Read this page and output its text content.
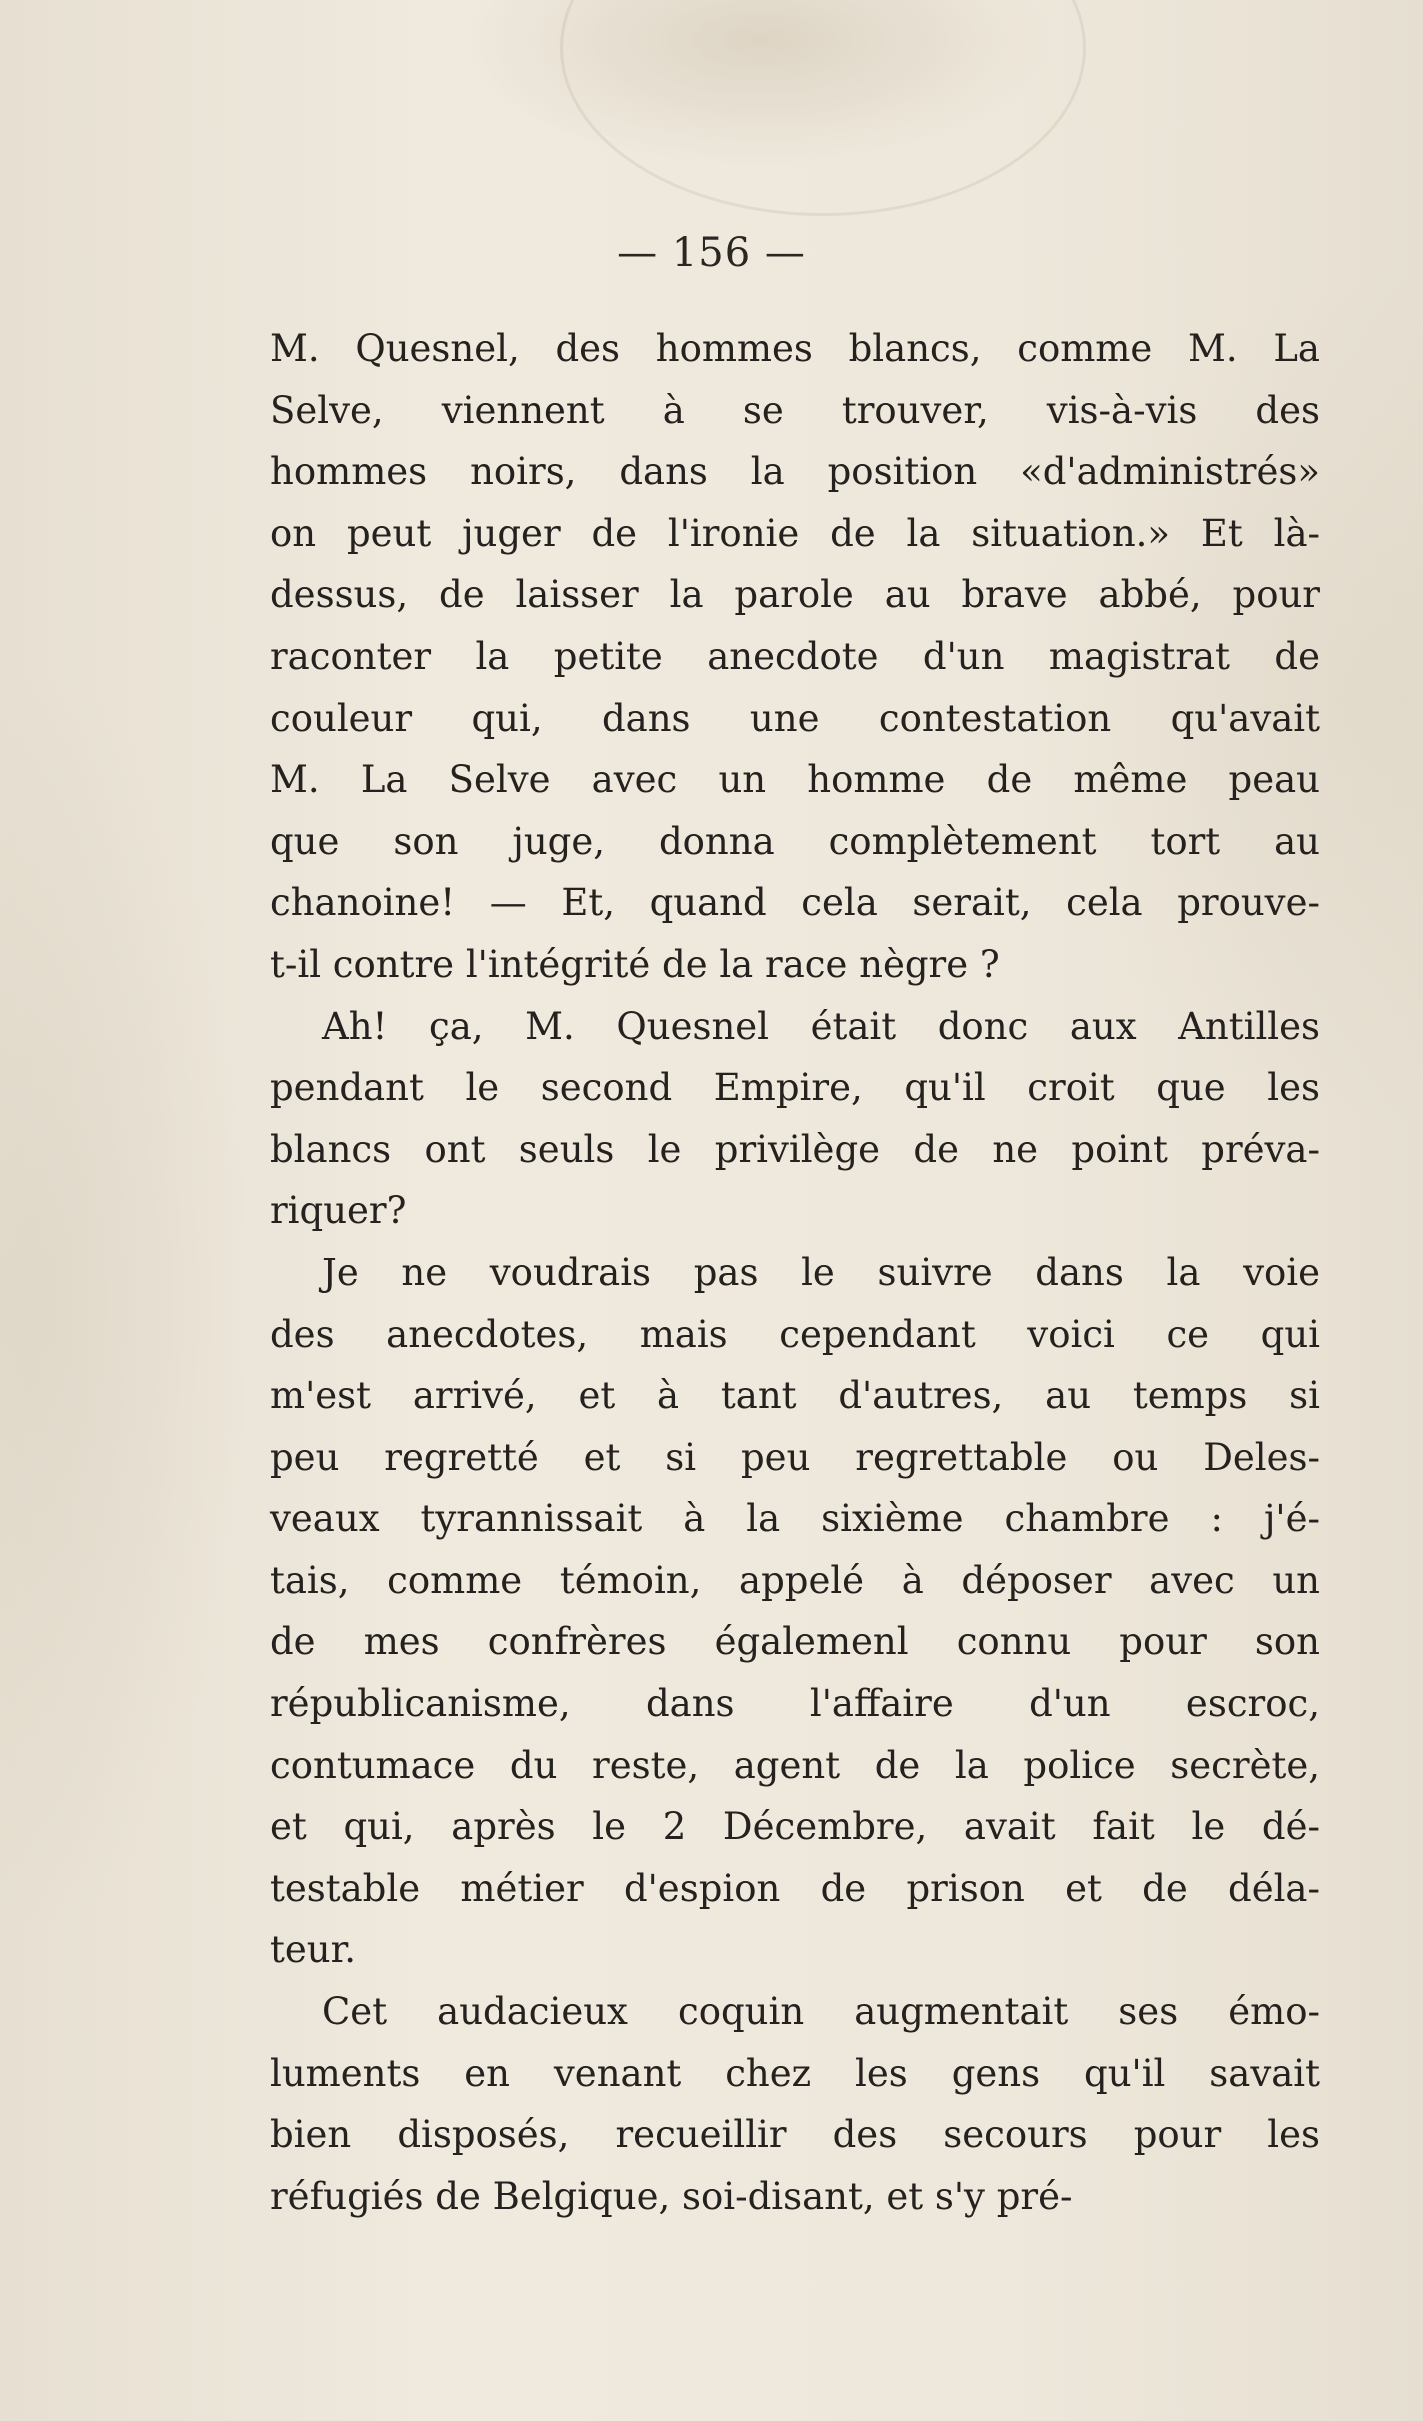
— 156 —
M. Quesnel, des hommes blancs, comme M. La
Selve, viennent à se trouver, vis-à-vis des
hommes noirs, dans la position «d'administrés»
on peut juger de l'ironie de la situation.» Et là-
dessus, de laisser la parole au brave abbé, pour
raconter la petite anecdote d'un magistrat de
couleur qui, dans une contestation qu'avait
M. La Selve avec un homme de même peau
que son juge, donna complètement tort au
chanoine! — Et, quand cela serait, cela prouve-
t-il contre l'intégrité de la race nègre ?
Ah! ça, M. Quesnel était donc aux Antilles
pendant le second Empire, qu'il croit que les
blancs ont seuls le privilège de ne point préva-
riquer?
Je ne voudrais pas le suivre dans la voie
des anecdotes, mais cependant voici ce qui
m'est arrivé, et à tant d'autres, au temps si
peu regretté et si peu regrettable ou Deles-
veaux tyrannissait à la sixième chambre : j'é-
tais, comme témoin, appelé à déposer avec un
de mes confrères égalemenl connu pour son
républicanisme, dans l'affaire d'un escroc,
contumace du reste, agent de la police secrète,
et qui, après le 2 Décembre, avait fait le dé-
testable métier d'espion de prison et de déla-
teur.
Cet audacieux coquin augmentait ses émo-
luments en venant chez les gens qu'il savait
bien disposés, recueillir des secours pour les
réfugiés de Belgique, soi-disant, et s'y pré-
